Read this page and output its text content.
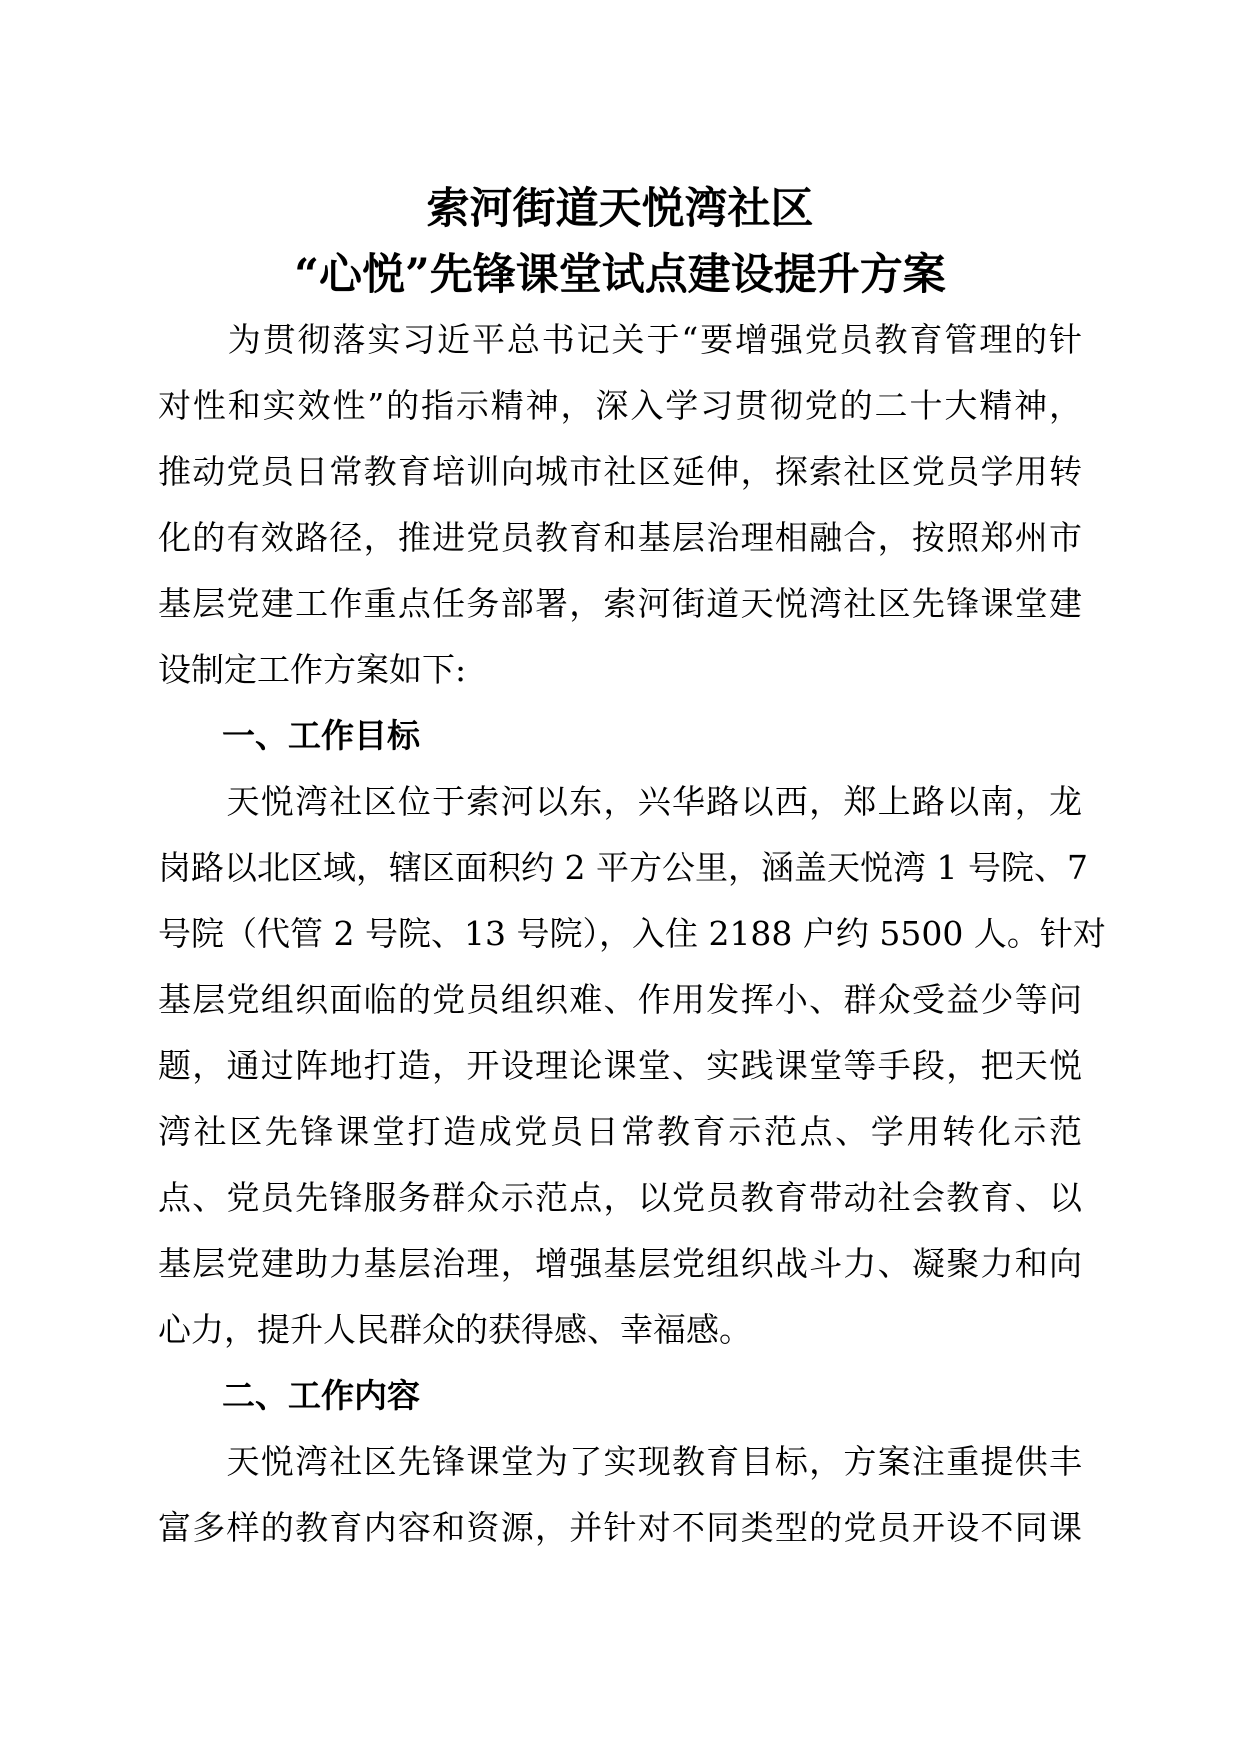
索河街道天悦湾社区
“心悦”先锋课堂试点建设提升方案
　　为贯彻落实习近平总书记关于“要增强党员教育管理的针
对性和实效性”的指示精神，深入学习贯彻党的二十大精神，
推动党员日常教育培训向城市社区延伸，探索社区党员学用转
化的有效路径，推进党员教育和基层治理相融合，按照郑州市
基层党建工作重点任务部署，索河街道天悦湾社区先锋课堂建
设制定工作方案如下:
一、工作目标
　　天悦湾社区位于索河以东，兴华路以西，郑上路以南，龙
岗路以北区域，辖区面积约 2 平方公里，涵盖天悦湾 1 号院、7
号院（代管 2 号院、13 号院），入住 2188 户约 5500 人。针对
基层党组织面临的党员组织难、作用发挥小、群众受益少等问
题，通过阵地打造，开设理论课堂、实践课堂等手段，把天悦
湾社区先锋课堂打造成党员日常教育示范点、学用转化示范
点、党员先锋服务群众示范点，以党员教育带动社会教育、以
基层党建助力基层治理，增强基层党组织战斗力、凝聚力和向
心力，提升人民群众的获得感、幸福感。
二、工作内容
　　天悦湾社区先锋课堂为了实现教育目标，方案注重提供丰
富多样的教育内容和资源，并针对不同类型的党员开设不同课
